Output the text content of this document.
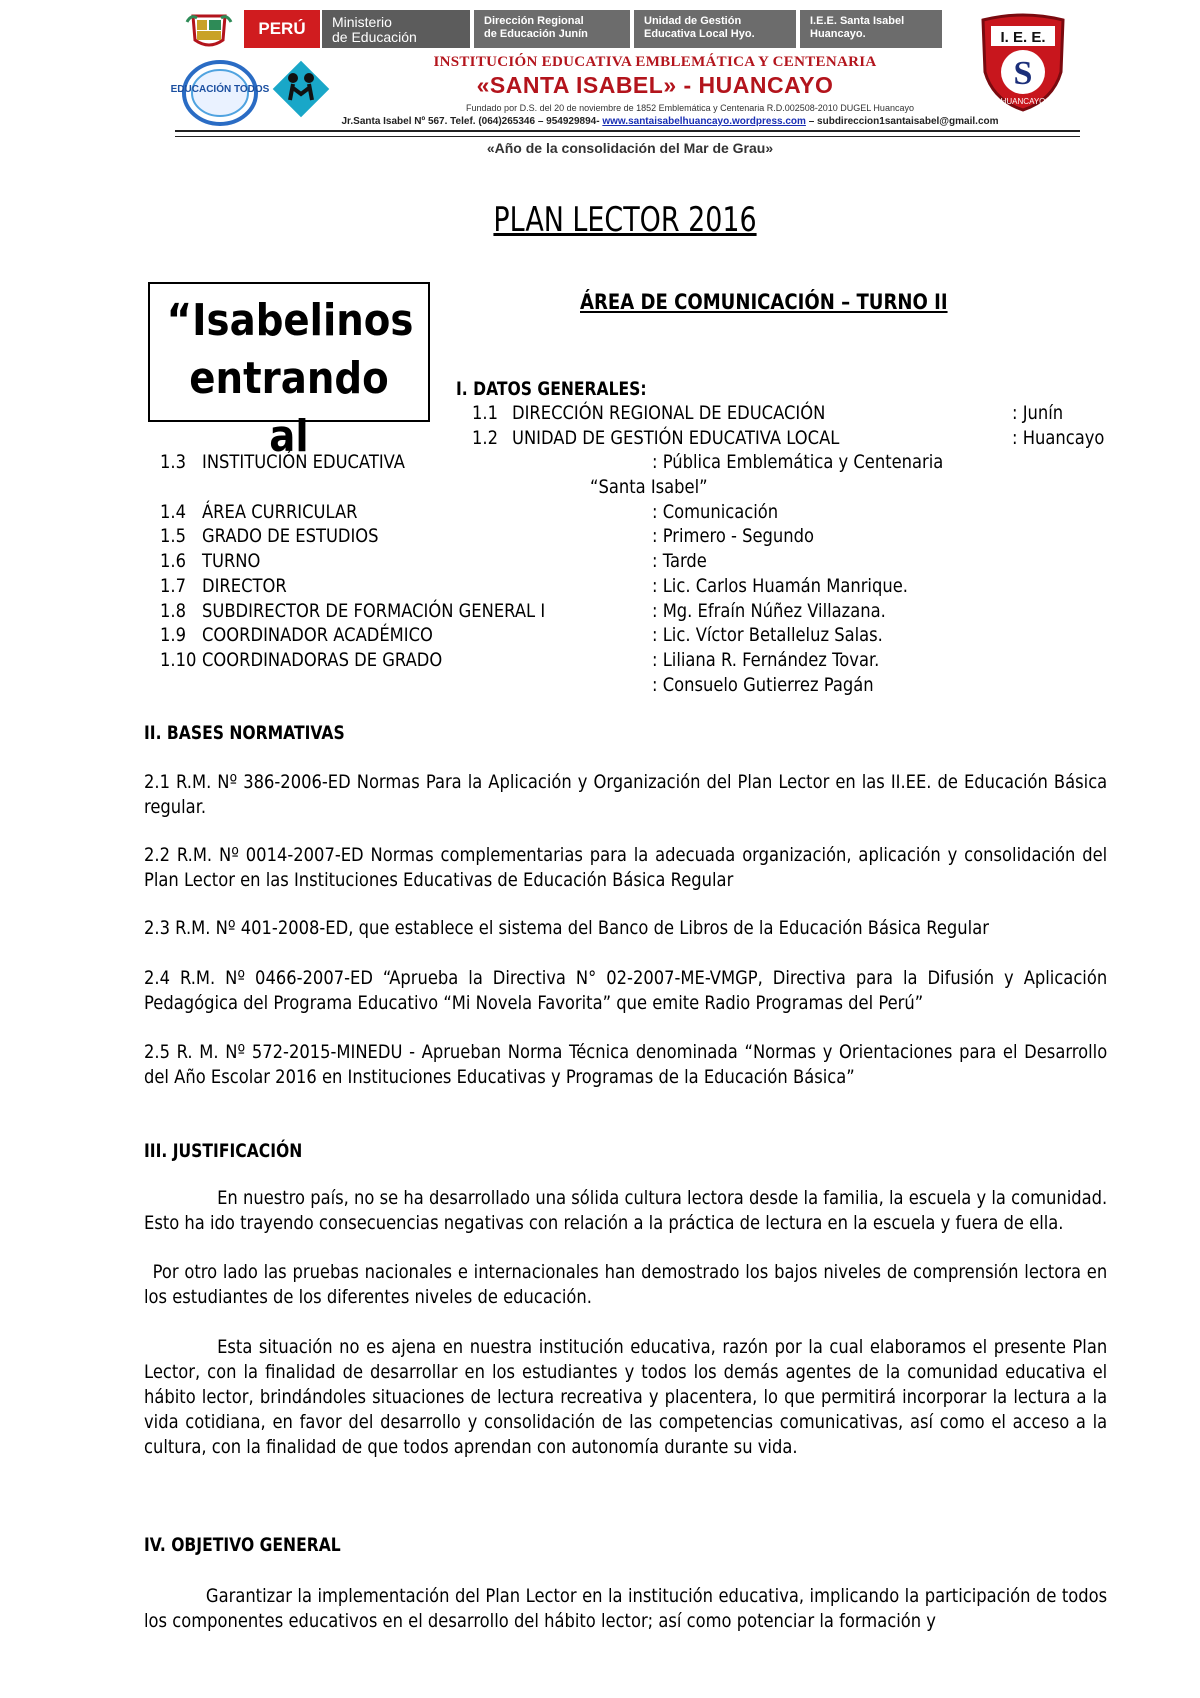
PERÚ	Ministerio
de Educación
Dirección Regional
de Educación Junín
Unidad de Gestión
Educativa Local Hyo.
I.E.E. Santa Isabel
Huancayo.
EDUCACIÓN TODOS
INSTITUCIÓN EDUCATIVA EMBLEMÁTICA Y CENTENARIA
«SANTA ISABEL» - HUANCAYO
Fundado por D.S. del 20 de noviembre de 1852 Emblemática y Centenaria R.D.002508-2010 DUGEL Huancayo
Jr.Santa Isabel Nº 567. Telef. (064)265346 – 954929894- www.santaisabelhuancayo.wordpress.com – subdireccion1santaisabel@gmail.com
I. E. E.
S
HUANCAYO
«Año de la consolidación del Mar de Grau»
PLAN LECTOR 2016
“Isabelinos
entrando al
ÁREA DE COMUNICACIÓN – TURNO II
I. DATOS GENERALES:
1.1 DIRECCIÓN REGIONAL DE EDUCACIÓN	: Junín
1.2 UNIDAD DE GESTIÓN EDUCATIVA LOCAL	: Huancayo
1.3 INSTITUCIÓN EDUCATIVA	: Pública Emblemática y Centenaria
“Santa Isabel”
1.4 ÁREA CURRICULAR	: Comunicación
1.5 GRADO DE ESTUDIOS	: Primero - Segundo
1.6 TURNO	: Tarde
1.7 DIRECTOR	: Lic. Carlos Huamán Manrique.
1.8 SUBDIRECTOR DE FORMACIÓN GENERAL I	: Mg. Efraín Núñez Villazana.
1.9 COORDINADOR ACADÉMICO	: Lic. Víctor Betalleluz Salas.
1.10 COORDINADORAS DE GRADO	: Liliana R. Fernández Tovar.
: Consuelo Gutierrez Pagán
II. BASES NORMATIVAS
2.1 R.M. Nº 386-2006-ED Normas Para la Aplicación y Organización del Plan Lector en las II.EE. de Educación Básica regular.
2.2 R.M. Nº 0014-2007-ED Normas complementarias para la adecuada organización, aplicación y consolidación del Plan Lector en las Instituciones Educativas de Educación Básica Regular
2.3 R.M. Nº 401-2008-ED, que establece el sistema del Banco de Libros de la Educación Básica Regular
2.4 R.M. Nº 0466-2007-ED “Aprueba la Directiva N° 02-2007-ME-VMGP, Directiva para la Difusión y Aplicación Pedagógica del Programa Educativo “Mi Novela Favorita” que emite Radio Programas del Perú”
2.5 R. M. Nº 572-2015-MINEDU - Aprueban Norma Técnica denominada “Normas y Orientaciones para el Desarrollo del Año Escolar 2016 en Instituciones Educativas y Programas de la Educación Básica”
III. JUSTIFICACIÓN
En nuestro país, no se ha desarrollado una sólida cultura lectora desde la familia, la escuela y la comunidad. Esto ha ido trayendo consecuencias negativas con relación a la práctica de lectura en la escuela y fuera de ella.
Por otro lado las pruebas nacionales e internacionales han demostrado los bajos niveles de comprensión lectora en los estudiantes de los diferentes niveles de educación.
Esta situación no es ajena en nuestra institución educativa, razón por la cual elaboramos el presente Plan Lector, con la finalidad de desarrollar en los estudiantes y todos los demás agentes de la comunidad educativa el hábito lector, brindándoles situaciones de lectura recreativa y placentera, lo que permitirá incorporar la lectura a la vida cotidiana, en favor del desarrollo y consolidación de las competencias comunicativas, así como el acceso a la cultura, con la finalidad de que todos aprendan con autonomía durante su vida.
IV. OBJETIVO GENERAL
Garantizar la implementación del Plan Lector en la institución educativa, implicando la participación de todos los componentes educativos en el desarrollo del hábito lector; así como potenciar la formación y
